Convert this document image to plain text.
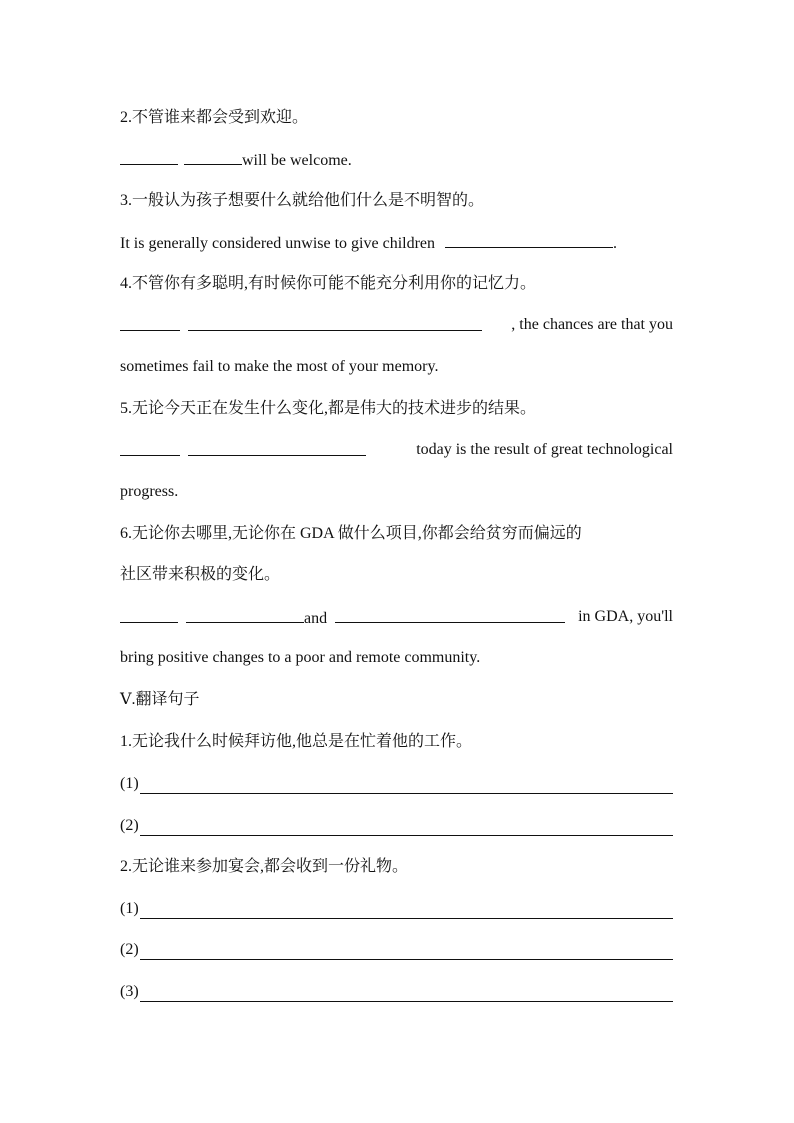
2.不管谁来都会受到欢迎。
will be welcome.
3.一般认为孩子想要什么就给他们什么是不明智的。
It is generally considered unwise to give children	.
4.不管你有多聪明,有时候你可能不能充分利用你的记忆力。

, the chances are that you
sometimes fail to make the most of your memory.
5.无论今天正在发生什么变化,都是伟大的技术进步的结果。

today is the result of great technological
progress.
6.无论你去哪里,无论你在 GDA 做什么项目,你都会给贫穷而偏远的
社区带来积极的变化。
and	in GDA, you'll
bring positive changes to a poor and remote community.
Ⅴ.翻译句子
1.无论我什么时候拜访他,他总是在忙着他的工作。
(1)
(2)
2.无论谁来参加宴会,都会收到一份礼物。
(1)
(2)
(3)
